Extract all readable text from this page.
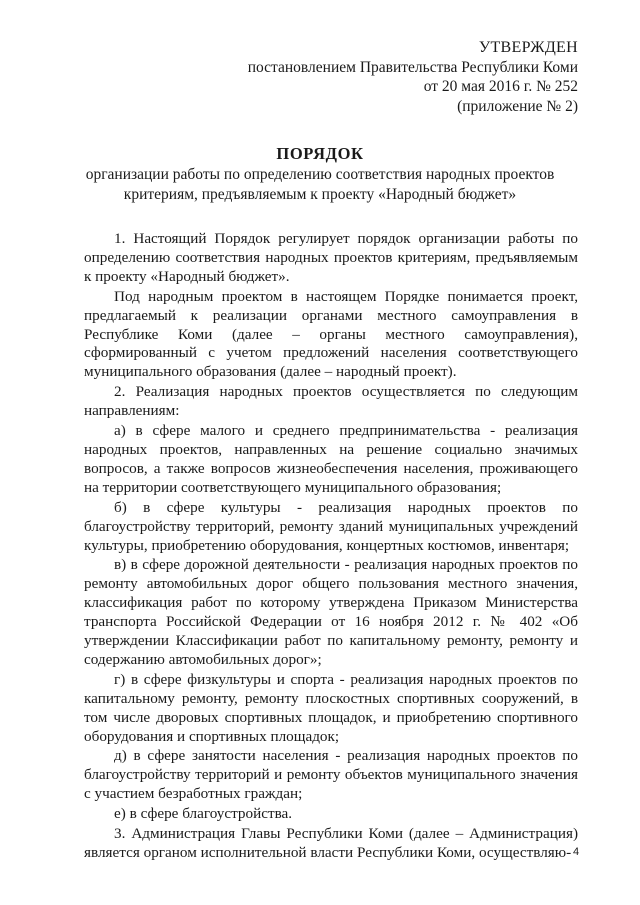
УТВЕРЖДЕН
постановлением Правительства Республики Коми
от 20 мая 2016 г. № 252
(приложение № 2)
ПОРЯДОК
организации работы по определению соответствия народных проектов
критериям, предъявляемым к проекту «Народный бюджет»

1. Настоящий Порядок регулирует порядок организации работы по определению соответствия народных проектов критериям, предъявляемым к проекту «Народный бюджет».

Под народным проектом в настоящем Порядке понимается проект, предлагаемый к реализации органами местного самоуправления в Республике Коми (далее – органы местного самоуправления), сформированный с учетом предложений населения соответствующего муниципального образования (далее – народный проект).

2. Реализация народных проектов осуществляется по следующим направлениям:

а) в сфере малого и среднего предпринимательства - реализация народных проектов, направленных на решение социально значимых вопросов, а также вопросов жизнеобеспечения населения, проживающего на территории соответствующего муниципального образования;

б) в сфере культуры - реализация народных проектов по благоустройству территорий, ремонту зданий муниципальных учреждений культуры, приобретению оборудования, концертных костюмов, инвентаря;

в) в сфере дорожной деятельности - реализация народных проектов по ремонту автомобильных дорог общего пользования местного значения, классификация работ по которому утверждена Приказом Министерства транспорта Российской Федерации от 16 ноября 2012 г. № 402 «Об утверждении Классификации работ по капитальному ремонту, ремонту и содержанию автомобильных дорог»;

г) в сфере физкультуры и спорта - реализация народных проектов по капитальному ремонту, ремонту плоскостных спортивных сооружений, в том числе дворовых спортивных площадок, и приобретению спортивного оборудования и спортивных площадок;

д) в сфере занятости населения - реализация народных проектов по благоустройству территорий и ремонту объектов муниципального значения с участием безработных граждан;

е) в сфере благоустройства.

3. Администрация Главы Республики Коми (далее – Администрация) является органом исполнительной власти Республики Коми, осуществляю- 4
